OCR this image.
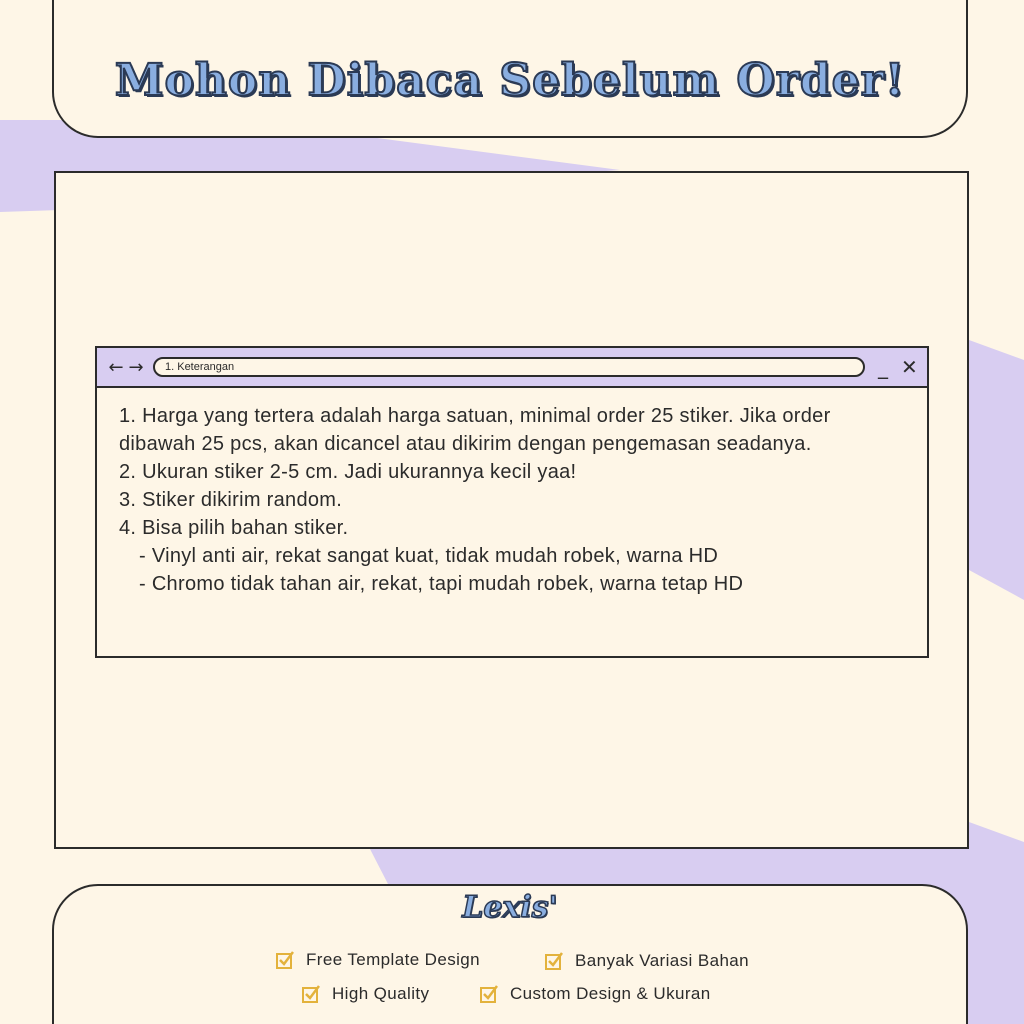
Mohon Dibaca Sebelum Order!
← →	1. Keterangan	_ ✕

1. Harga yang tertera adalah harga satuan, minimal order 25 stiker. Jika order dibawah 25 pcs, akan dicancel atau dikirim dengan pengemasan seadanya.

2. Ukuran stiker 2-5 cm. Jadi ukurannya kecil yaa!

3. Stiker dikirim random.

4. Bisa pilih bahan stiker.

- Vinyl anti air, rekat sangat kuat, tidak mudah robek, warna HD

- Chromo tidak tahan air, rekat, tapi mudah robek, warna tetap HD

Lexis'
Free Template Design	Banyak Variasi Bahan
High Quality	Custom Design & Ukuran
